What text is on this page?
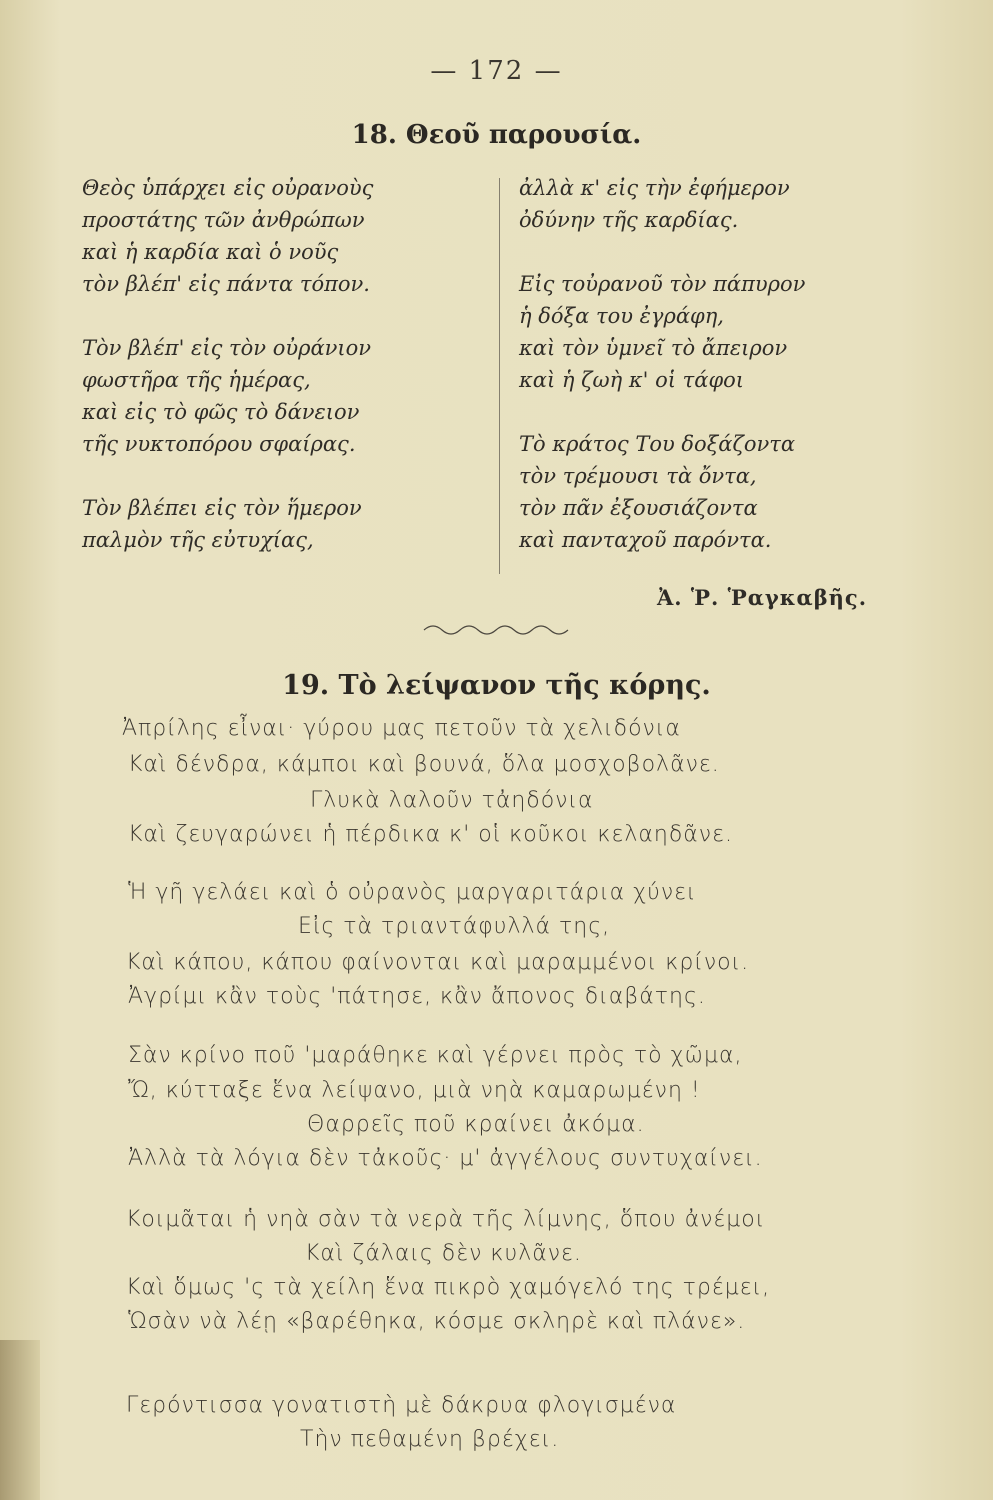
— 172 —
18. Θεοῦ παρουσία.
Θεὸς ὑπάρχει εἰς οὐρανοὺς
προστάτης τῶν ἀνθρώπων
καὶ ἡ καρδία καὶ ὁ νοῦς
τὸν βλέπ' εἰς πάντα τόπον.
Τὸν βλέπ' εἰς τὸν οὐράνιον
φωστῆρα τῆς ἡμέρας,
καὶ εἰς τὸ φῶς τὸ δάνειον
τῆς νυκτοπόρου σφαίρας.
Τὸν βλέπει εἰς τὸν ἥμερον
παλμὸν τῆς εὐτυχίας,
ἀλλὰ κ' εἰς τὴν ἐφήμερον
ὀδύνην τῆς καρδίας.
Εἰς τοὐρανοῦ τὸν πάπυρον
ἡ δόξα του ἐγράφη,
καὶ τὸν ὑμνεῖ τὸ ἄπειρον
καὶ ἡ ζωὴ κ' οἱ τάφοι
Τὸ κράτος Του δοξάζοντα
τὸν τρέμουσι τὰ ὄντα,
τὸν πᾶν ἐξουσιάζοντα
καὶ πανταχοῦ παρόντα.
Ἀ. Ῥ. Ῥαγκαβῆς.
19. Τὸ λείψανον τῆς κόρης.
Ἀπρίλης εἶναι· γύρου μας πετοῦν τὰ χελιδόνια
Καὶ δένδρα, κάμποι καὶ βουνά, ὅλα μοσχοβολᾶνε.
Γλυκὰ λαλοῦν τἀηδόνια
Καὶ ζευγαρώνει ἡ πέρδικα κ' οἱ κοῦκοι κελαηδᾶνε.
Ἡ γῆ γελάει καὶ ὁ οὐρανὸς μαργαριτάρια χύνει
Εἰς τὰ τριαντάφυλλά της,
Καὶ κάπου, κάπου φαίνονται καὶ μαραμμένοι κρίνοι.
Ἀγρίμι κἂν τοὺς 'πάτησε, κἂν ἄπονος διαβάτης.
Σὰν κρίνο ποῦ 'μαράθηκε καὶ γέρνει πρὸς τὸ χῶμα,
Ὤ, κύτταξε ἕνα λείψανο, μιὰ νηὰ καμαρωμένη !
Θαρρεῖς ποῦ κραίνει ἀκόμα.
Ἀλλὰ τὰ λόγια δὲν τἀκοῦς· μ' ἀγγέλους συντυχαίνει.
Κοιμᾶται ἡ νηὰ σὰν τὰ νερὰ τῆς λίμνης, ὅπου ἀνέμοι
Καὶ ζάλαις δὲν κυλᾶνε.
Καὶ ὅμως 'ς τὰ χείλη ἕνα πικρὸ χαμόγελό της τρέμει,
Ὡσὰν νὰ λέῃ «βαρέθηκα, κόσμε σκληρὲ καὶ πλάνε».
Γερόντισσα γονατιστὴ μὲ δάκρυα φλογισμένα
Τὴν πεθαμένη βρέχει.
